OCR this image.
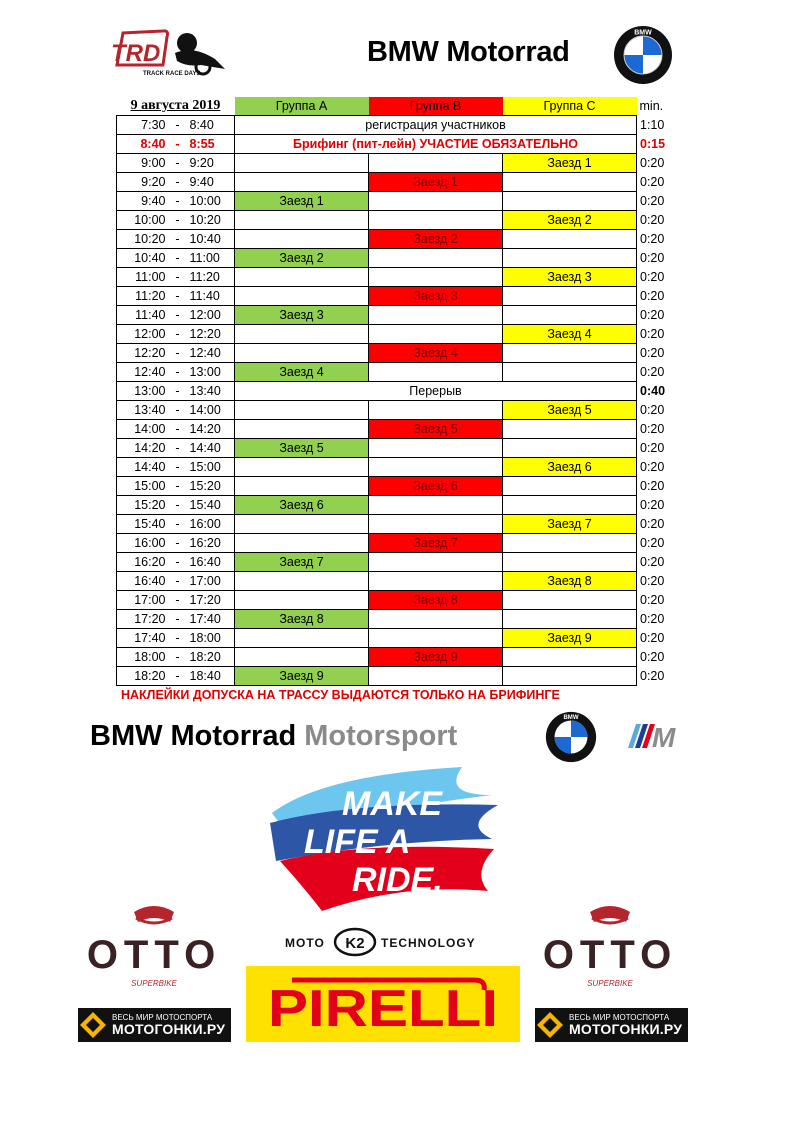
TRD
TRACK RACE DAYS
BMW Motorrad
BMW
9 августа 2019	Группа A	Группа B	Группа C	min.
7:30 - 8:40	регистрация участников			1:10
8:40 - 8:55	Брифинг (пит-лейн) УЧАСТИЕ ОБЯЗАТЕЛЬНО			0:15
9:00 - 9:20			Заезд 1	0:20
9:20 - 9:40		Заезд 1		0:20
9:40 - 10:00	Заезд 1			0:20
10:00 - 10:20			Заезд 2	0:20
10:20 - 10:40		Заезд 2		0:20
10:40 - 11:00	Заезд 2			0:20
11:00 - 11:20			Заезд 3	0:20
11:20 - 11:40		Заезд 3		0:20
11:40 - 12:00	Заезд 3			0:20
12:00 - 12:20			Заезд 4	0:20
12:20 - 12:40		Заезд 4		0:20
12:40 - 13:00	Заезд 4			0:20
13:00 - 13:40	Перерыв			0:40
13:40 - 14:00			Заезд 5	0:20
14:00 - 14:20		Заезд 5		0:20
14:20 - 14:40	Заезд 5			0:20
14:40 - 15:00			Заезд 6	0:20
15:00 - 15:20		Заезд 6		0:20
15:20 - 15:40	Заезд 6			0:20
15:40 - 16:00			Заезд 7	0:20
16:00 - 16:20		Заезд 7		0:20
16:20 - 16:40	Заезд 7			0:20
16:40 - 17:00			Заезд 8	0:20
17:00 - 17:20		Заезд 8		0:20
17:20 - 17:40	Заезд 8			0:20
17:40 - 18:00			Заезд 9	0:20
18:00 - 18:20		Заезд 9		0:20
18:20 - 18:40	Заезд 9			0:20
НАКЛЕЙКИ ДОПУСКА НА ТРАССУ ВЫДАЮТСЯ ТОЛЬКО НА БРИФИНГЕ
BMW Motorrad Motorsport
BMW
M
MAKE
LIFE A
RIDE.
OTTO
SUPERBIKE
OTTO
SUPERBIKE
MOTO K2 TECHNOLOGY
PIRELLI
ВЕСЬ МИР МОТОСПОРТА
МОТОГОНКИ.РУ
ВЕСЬ МИР МОТОСПОРТА
МОТОГОНКИ.РУ
